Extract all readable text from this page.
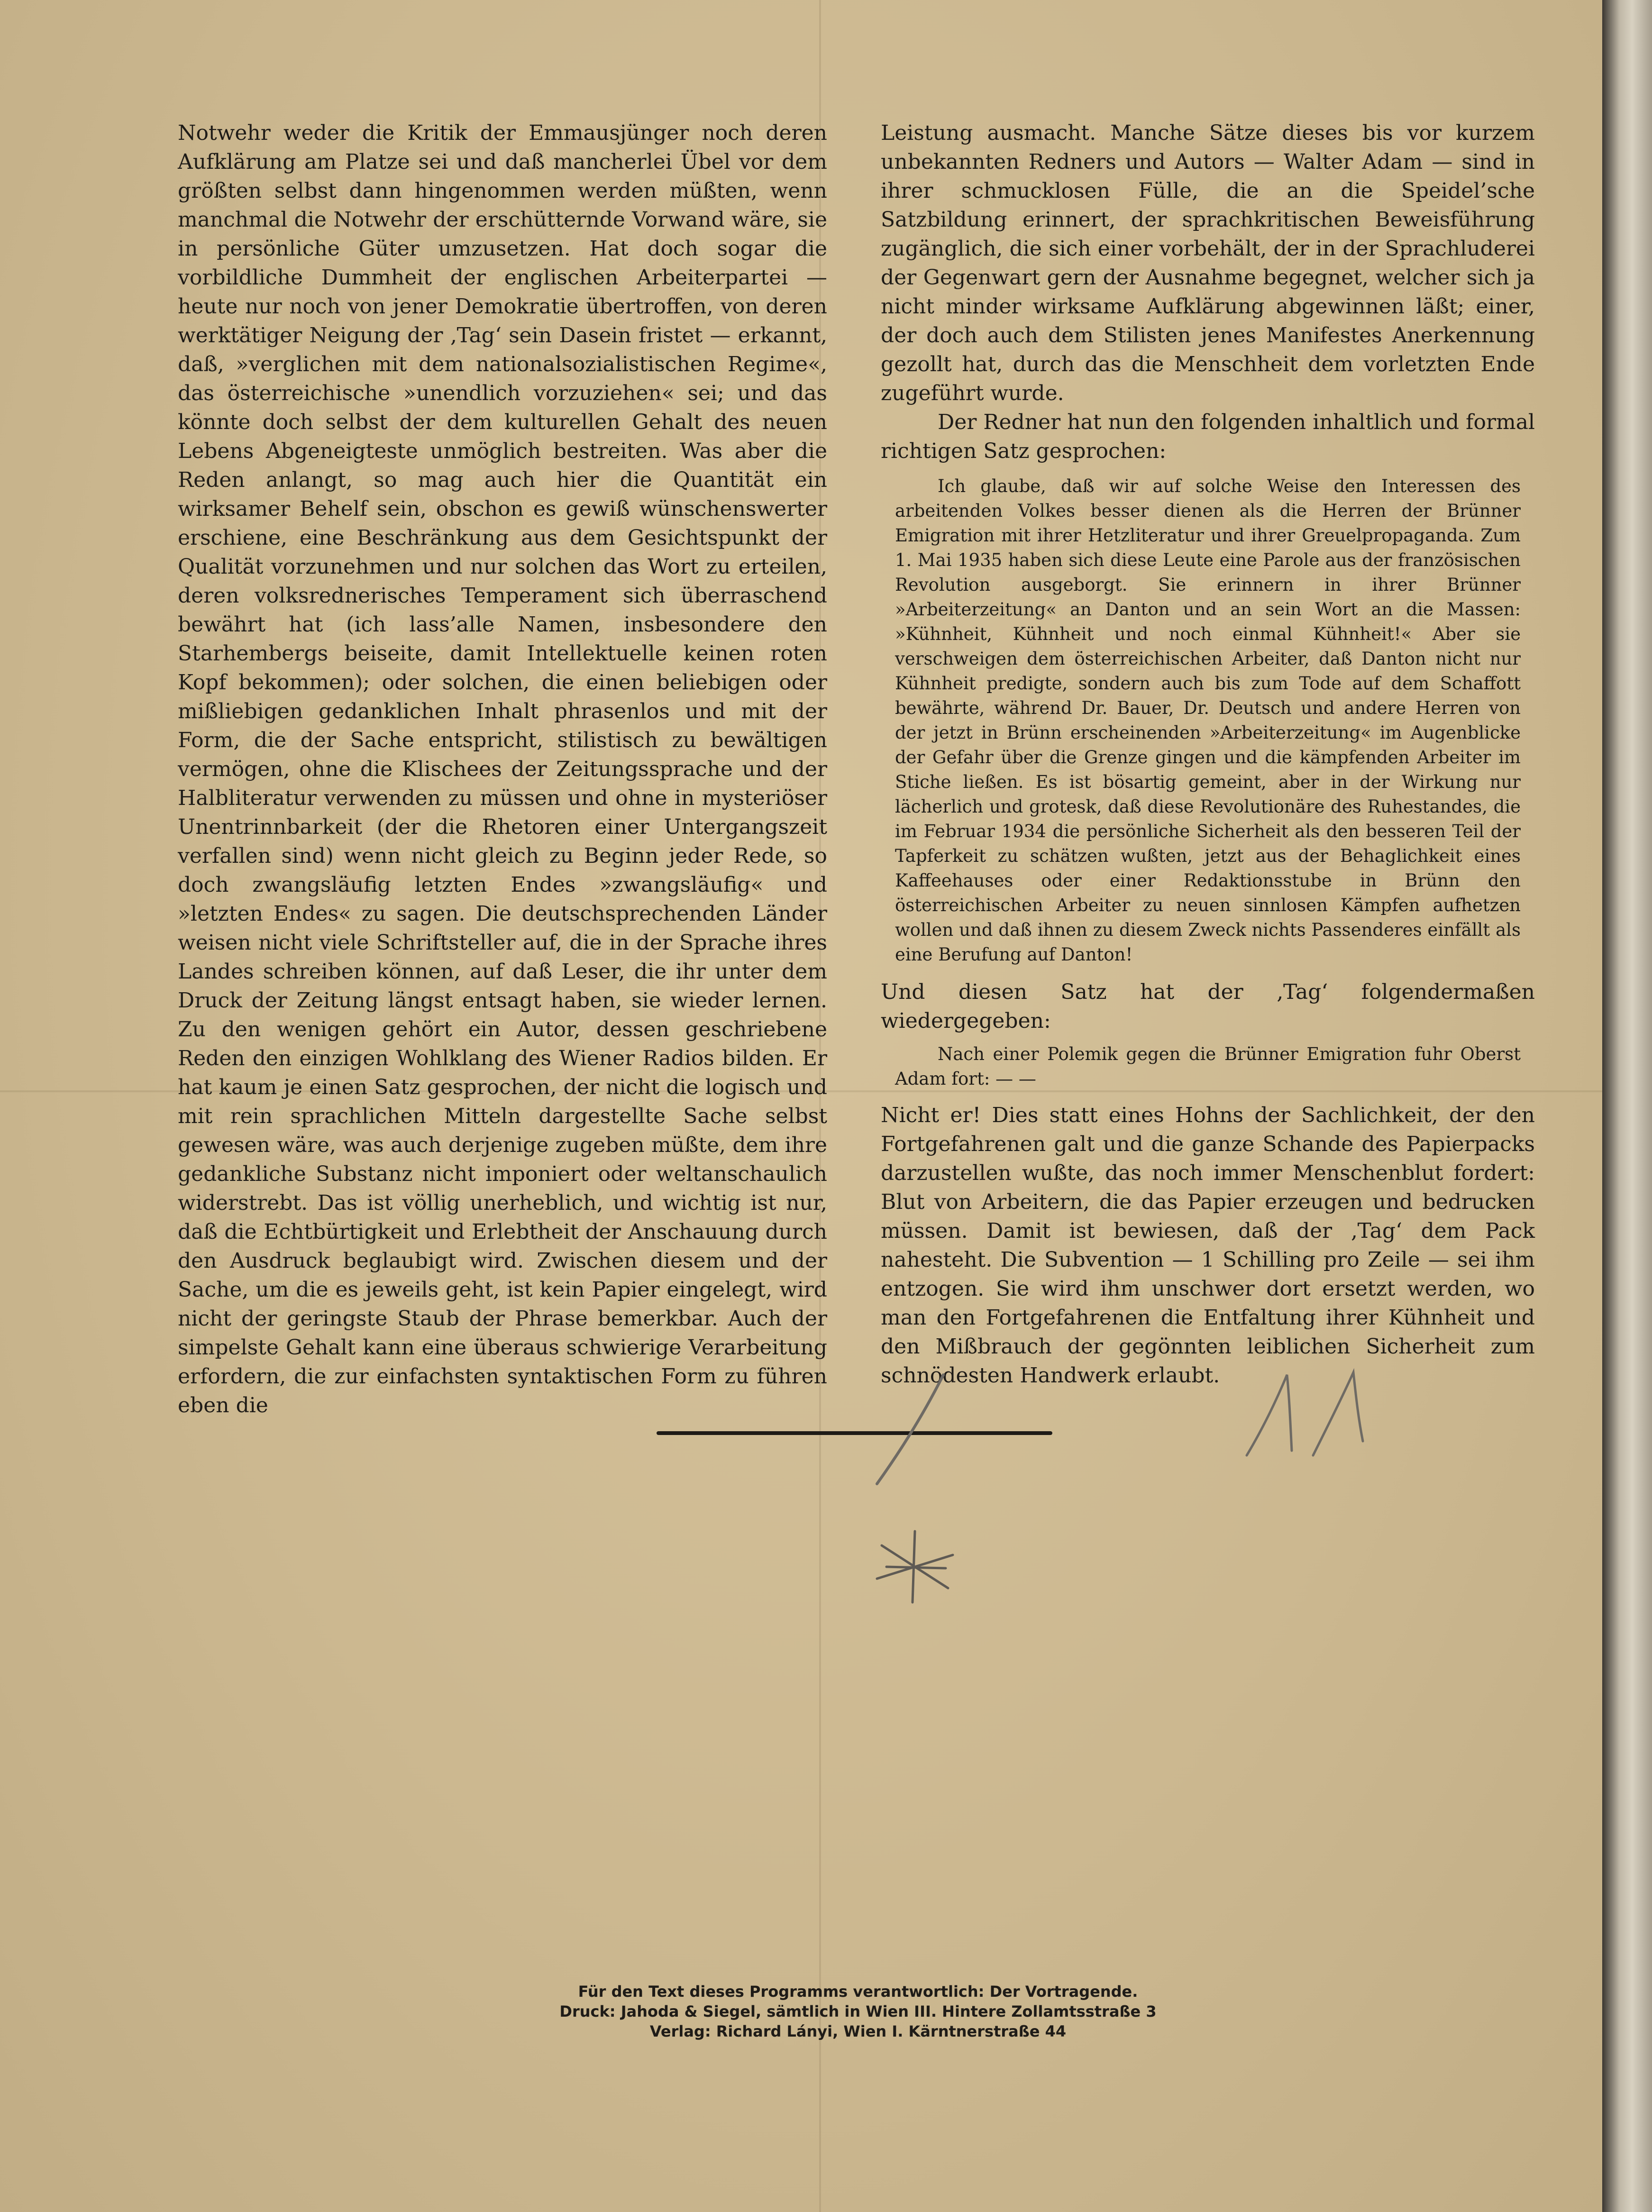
Notwehr weder die Kritik der Emmausjünger noch deren Aufklärung am Platze sei und daß mancherlei Übel vor dem größten selbst dann hingenommen werden müßten, wenn manchmal die Notwehr der erschütternde Vorwand wäre, sie in persönliche Güter umzusetzen. Hat doch sogar die vorbildliche Dummheit der englischen Arbeiterpartei — heute nur noch von jener Demokratie übertroffen, von deren werktätiger Neigung der ‚Tag‘ sein Dasein fristet — erkannt, daß, »verglichen mit dem nationalsozialistischen Regime«, das österreichische »unendlich vorzuziehen« sei; und das könnte doch selbst der dem kulturellen Gehalt des neuen Lebens Abgeneigteste unmöglich bestreiten. Was aber die Reden anlangt, so mag auch hier die Quantität ein wirksamer Behelf sein, obschon es gewiß wünschenswerter erschiene, eine Beschränkung aus dem Gesichtspunkt der Qualität vorzunehmen und nur solchen das Wort zu erteilen, deren volksrednerisches Temperament sich überraschend bewährt hat (ich lass’alle Namen, insbesondere den Starhembergs beiseite, damit Intellektuelle keinen roten Kopf bekommen); oder solchen, die einen beliebigen oder mißliebigen gedanklichen Inhalt phrasenlos und mit der Form, die der Sache entspricht, stilistisch zu bewältigen vermögen, ohne die Klischees der Zeitungssprache und der Halbliteratur verwenden zu müssen und ohne in mysteriöser Unentrinnbarkeit (der die Rhetoren einer Untergangszeit verfallen sind) wenn nicht gleich zu Beginn jeder Rede, so doch zwangsläufig letzten Endes »zwangsläufig« und »letzten Endes« zu sagen. Die deutschsprechenden Länder weisen nicht viele Schriftsteller auf, die in der Sprache ihres Landes schreiben können, auf daß Leser, die ihr unter dem Druck der Zeitung längst entsagt haben, sie wieder lernen. Zu den wenigen gehört ein Autor, dessen geschriebene Reden den einzigen Wohlklang des Wiener Radios bilden. Er hat kaum je einen Satz gesprochen, der nicht die logisch und mit rein sprachlichen Mitteln dargestellte Sache selbst gewesen wäre, was auch derjenige zugeben müßte, dem ihre gedankliche Substanz nicht imponiert oder weltanschaulich widerstrebt. Das ist völlig unerheblich, und wichtig ist nur, daß die Echtbürtigkeit und Erlebtheit der Anschauung durch den Ausdruck beglaubigt wird. Zwischen diesem und der Sache, um die es jeweils geht, ist kein Papier eingelegt, wird nicht der geringste Staub der Phrase bemerkbar. Auch der simpelste Gehalt kann eine überaus schwierige Verarbeitung erfordern, die zur einfachsten syntaktischen Form zu führen eben die

Leistung ausmacht. Manche Sätze dieses bis vor kurzem unbekannten Redners und Autors — Walter Adam — sind in ihrer schmucklosen Fülle, die an die Speidel’sche Satzbildung erinnert, der sprachkritischen Beweisführung zugänglich, die sich einer vorbehält, der in der Sprachluderei der Gegenwart gern der Ausnahme begegnet, welcher sich ja nicht minder wirksame Aufklärung abgewinnen läßt; einer, der doch auch dem Stilisten jenes Manifestes Anerkennung gezollt hat, durch das die Menschheit dem vorletzten Ende zugeführt wurde.

Der Redner hat nun den folgenden inhaltlich und formal richtigen Satz gesprochen:

Ich glaube, daß wir auf solche Weise den Interessen des arbeitenden Volkes besser dienen als die Herren der Brünner Emigration mit ihrer Hetzliteratur und ihrer Greuelpropaganda. Zum 1. Mai 1935 haben sich diese Leute eine Parole aus der französischen Revolution ausgeborgt. Sie erinnern in ihrer Brünner »Arbeiterzeitung« an Danton und an sein Wort an die Massen: »Kühnheit, Kühnheit und noch einmal Kühnheit!« Aber sie verschweigen dem österreichischen Arbeiter, daß Danton nicht nur Kühnheit predigte, sondern auch bis zum Tode auf dem Schaffott bewährte, während Dr. Bauer, Dr. Deutsch und andere Herren von der jetzt in Brünn erscheinenden »Arbeiterzeitung« im Augenblicke der Gefahr über die Grenze gingen und die kämpfenden Arbeiter im Stiche ließen. Es ist bösartig gemeint, aber in der Wirkung nur lächerlich und grotesk, daß diese Revolutionäre des Ruhestandes, die im Februar 1934 die persönliche Sicherheit als den besseren Teil der Tapferkeit zu schätzen wußten, jetzt aus der Behaglichkeit eines Kaffeehauses oder einer Redaktionsstube in Brünn den österreichischen Arbeiter zu neuen sinnlosen Kämpfen aufhetzen wollen und daß ihnen zu diesem Zweck nichts Passenderes einfällt als eine Berufung auf Danton!

Und diesen Satz hat der ‚Tag‘ folgendermaßen wiedergegeben:

Nach einer Polemik gegen die Brünner Emigration fuhr Oberst Adam fort: — —

Nicht er! Dies statt eines Hohns der Sachlichkeit, der den Fortgefahrenen galt und die ganze Schande des Papierpacks darzustellen wußte, das noch immer Menschenblut fordert: Blut von Arbeitern, die das Papier erzeugen und bedrucken müssen. Damit ist bewiesen, daß der ‚Tag‘ dem Pack nahesteht. Die Subvention — 1 Schilling pro Zeile — sei ihm entzogen. Sie wird ihm unschwer dort ersetzt werden, wo man den Fortgefahrenen die Entfaltung ihrer Kühnheit und den Mißbrauch der gegönnten leiblichen Sicherheit zum schnödesten Handwerk erlaubt.

Für den Text dieses Programms verantwortlich: Der Vortragende.
Druck: Jahoda & Siegel, sämtlich in Wien III. Hintere Zollamtsstraße 3
Verlag: Richard Lányi, Wien I. Kärntnerstraße 44
